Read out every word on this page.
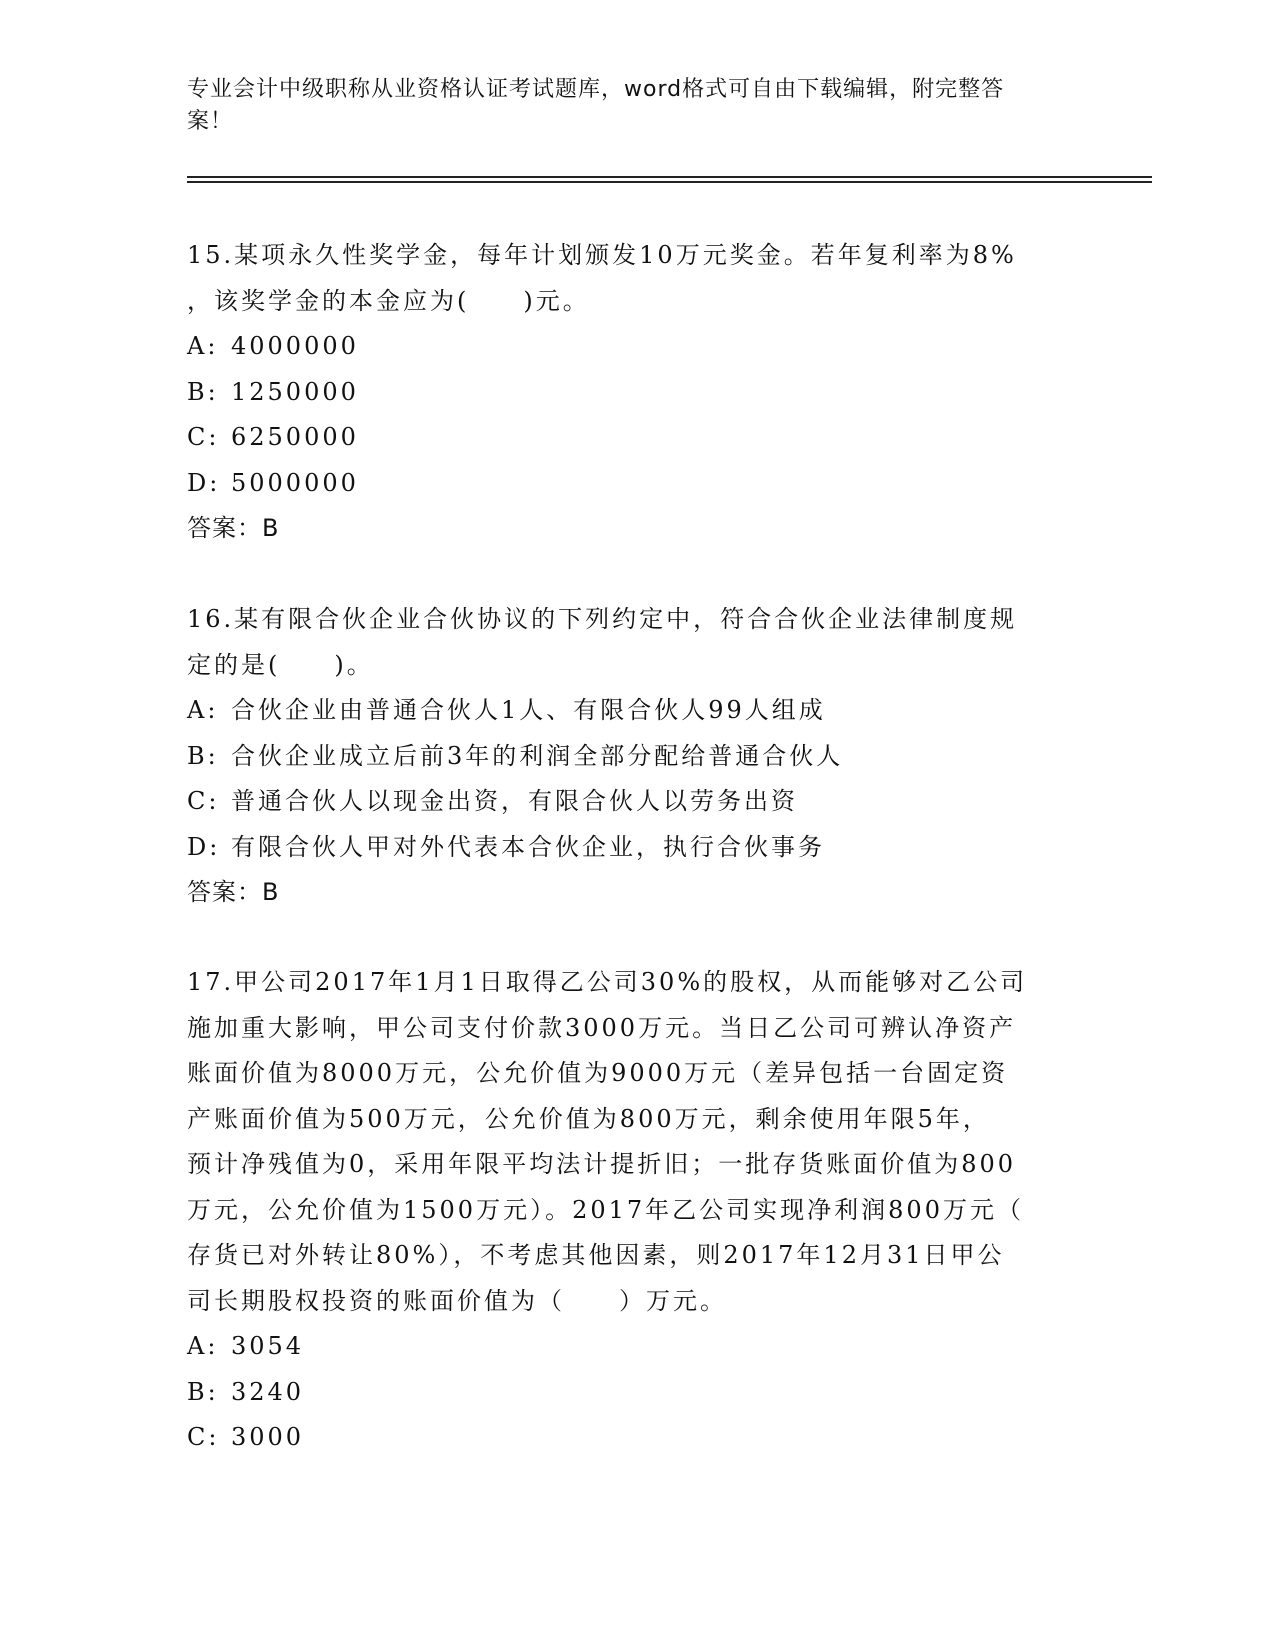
专业会计中级职称从业资格认证考试题库，word格式可自由下载编辑，附完整答
案！

15.某项永久性奖学金，每年计划颁发10万元奖金。若年复利率为8%

，该奖学金的本金应为(　　)元。

A: 4000000

B: 1250000

C: 6250000

D: 5000000

答案：B

16.某有限合伙企业合伙协议的下列约定中，符合合伙企业法律制度规

定的是(　　)。

A: 合伙企业由普通合伙人1人、有限合伙人99人组成

B: 合伙企业成立后前3年的利润全部分配给普通合伙人

C: 普通合伙人以现金出资，有限合伙人以劳务出资

D: 有限合伙人甲对外代表本合伙企业，执行合伙事务

答案：B

17.甲公司2017年1月1日取得乙公司30%的股权，从而能够对乙公司

施加重大影响，甲公司支付价款3000万元。当日乙公司可辨认净资产

账面价值为8000万元，公允价值为9000万元（差异包括一台固定资

产账面价值为500万元，公允价值为800万元，剩余使用年限5年，

预计净残值为0，采用年限平均法计提折旧；一批存货账面价值为800

万元，公允价值为1500万元）。2017年乙公司实现净利润800万元（

存货已对外转让80%），不考虑其他因素，则2017年12月31日甲公

司长期股权投资的账面价值为（　　）万元。

A: 3054

B: 3240

C: 3000
